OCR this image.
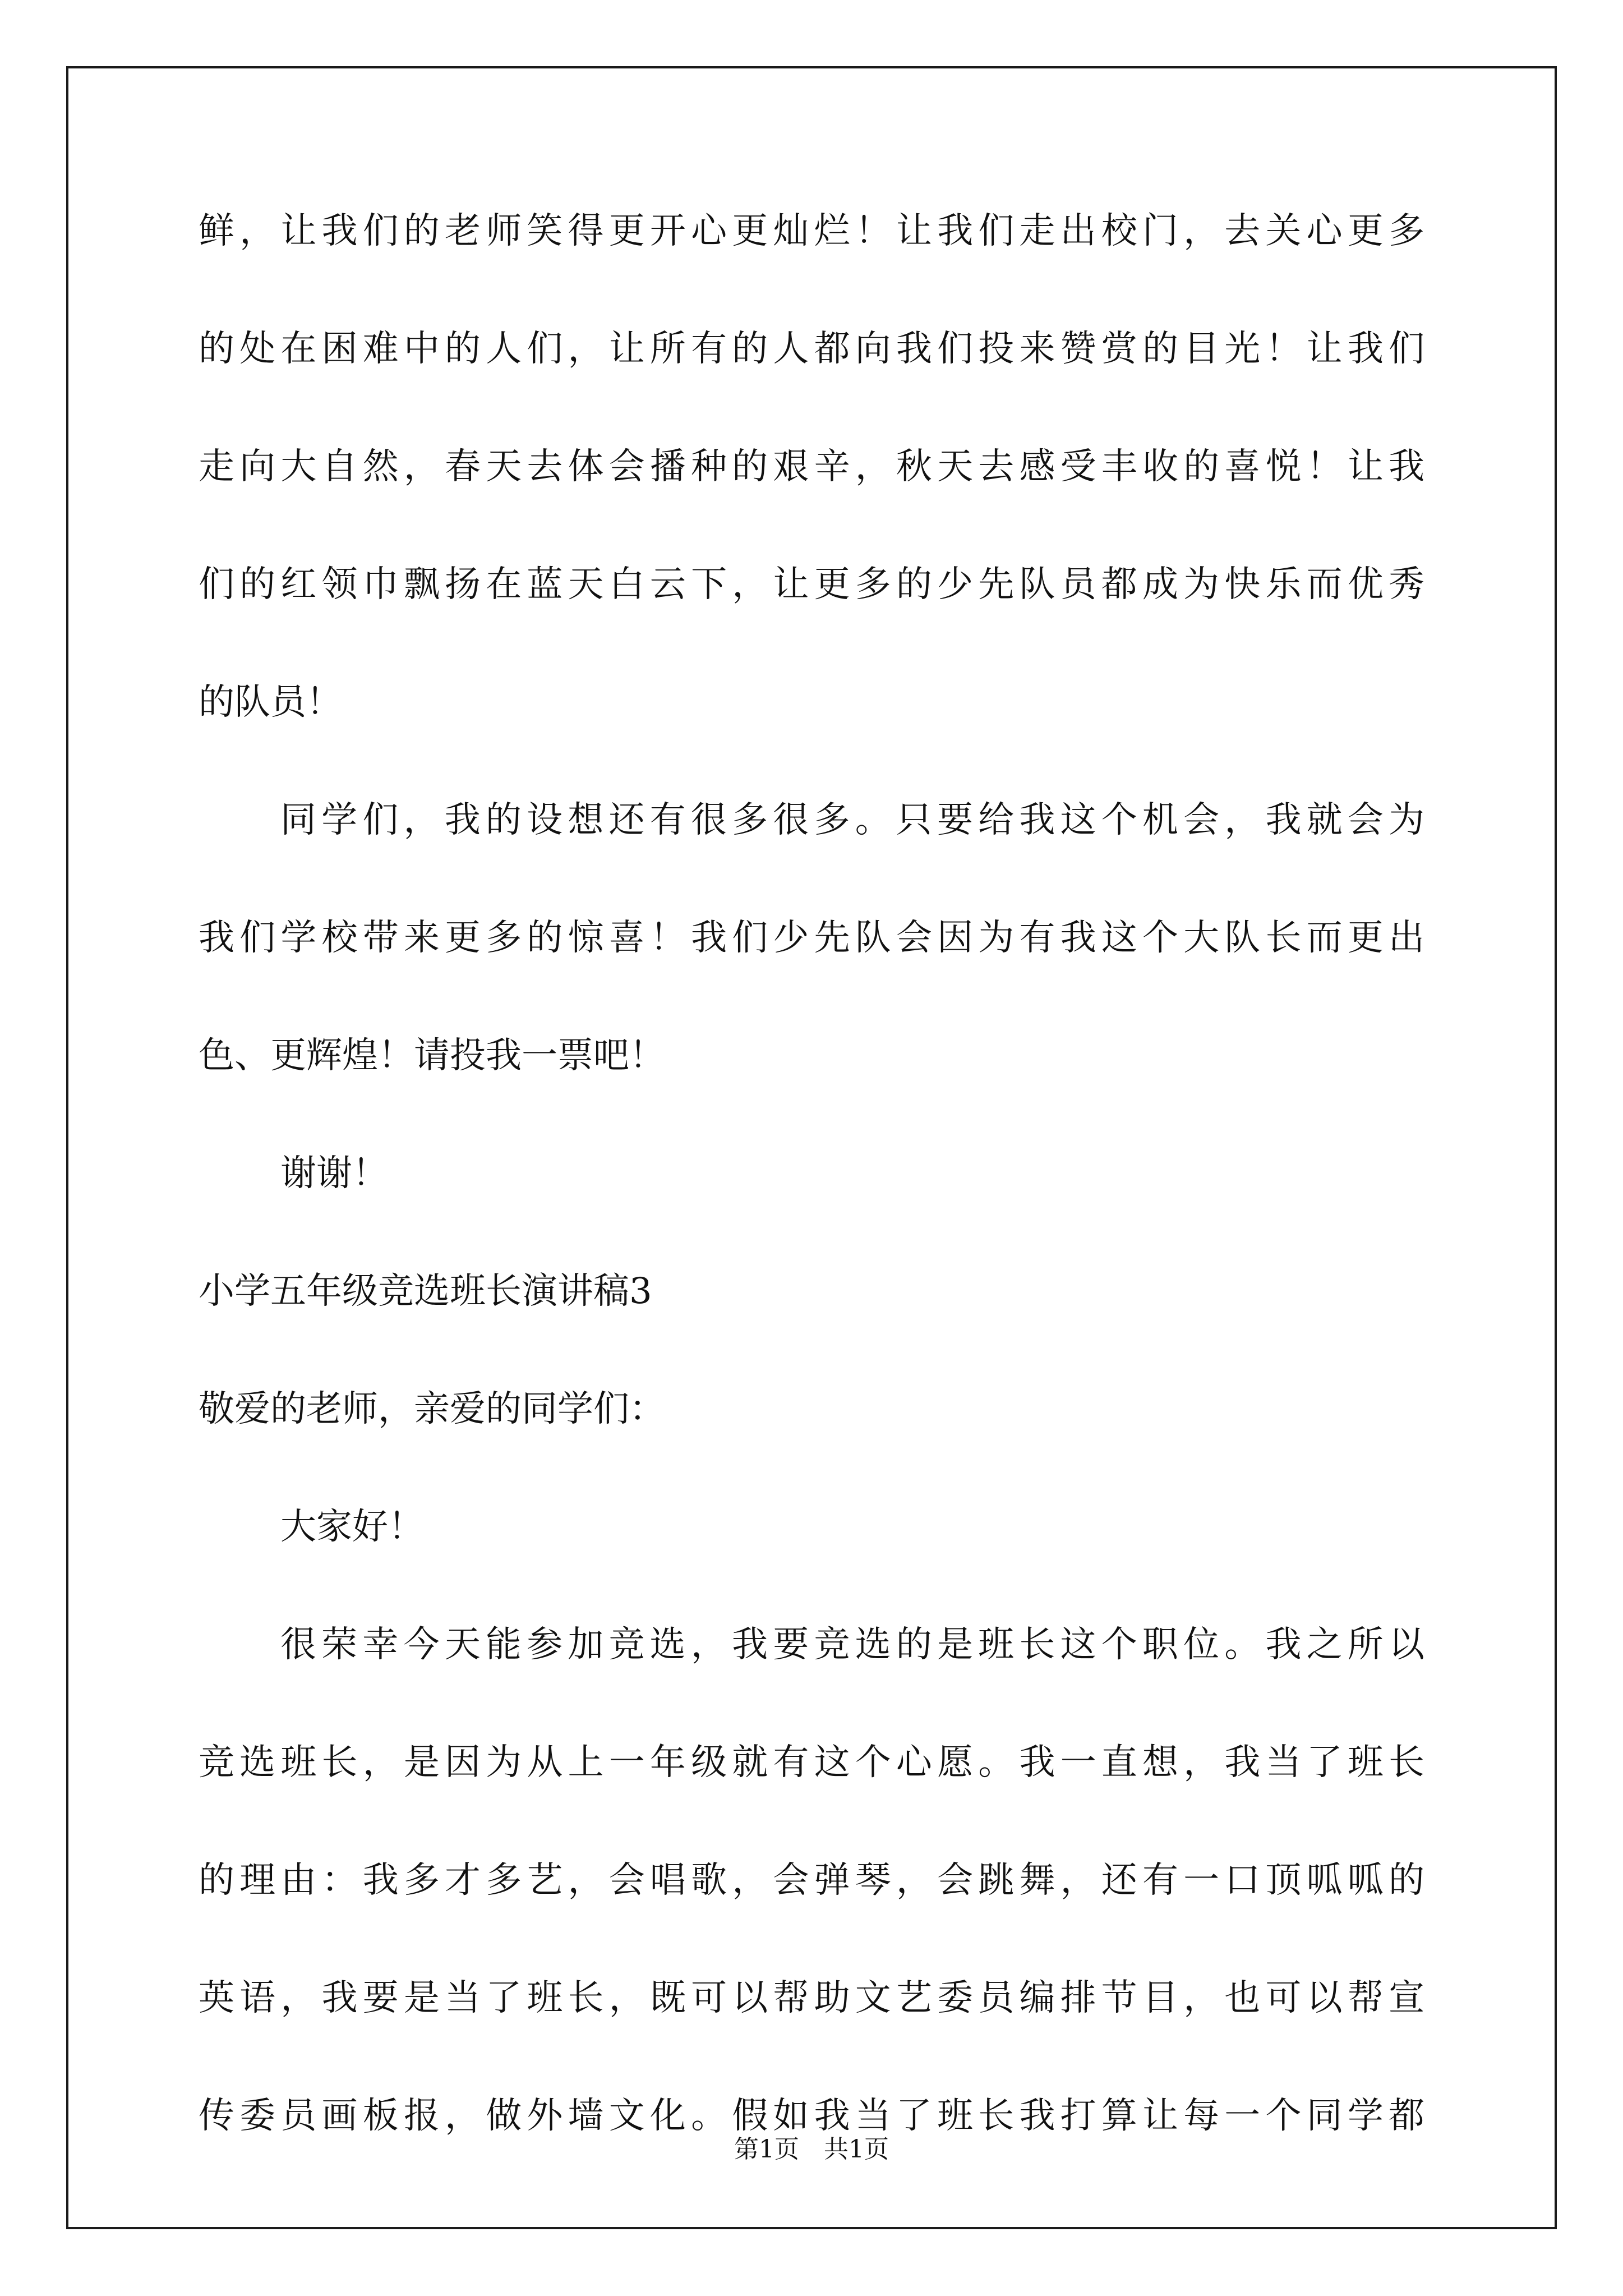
鲜，让我们的老师笑得更开心更灿烂！让我们走出校门，去关心更多
的处在困难中的人们，让所有的人都向我们投来赞赏的目光！让我们
走向大自然，春天去体会播种的艰辛，秋天去感受丰收的喜悦！让我
们的红领巾飘扬在蓝天白云下，让更多的少先队员都成为快乐而优秀
的队员！
同学们，我的设想还有很多很多。只要给我这个机会，我就会为
我们学校带来更多的惊喜！我们少先队会因为有我这个大队长而更出
色、更辉煌！请投我一票吧！
谢谢！
小学五年级竞选班长演讲稿3
敬爱的老师，亲爱的同学们：
大家好！
很荣幸今天能参加竞选，我要竞选的是班长这个职位。我之所以
竞选班长，是因为从上一年级就有这个心愿。我一直想，我当了班长
的理由：我多才多艺，会唱歌，会弹琴，会跳舞，还有一口顶呱呱的
英语，我要是当了班长，既可以帮助文艺委员编排节目，也可以帮宣
传委员画板报，做外墙文化。假如我当了班长我打算让每一个同学都
第1页 共1页
